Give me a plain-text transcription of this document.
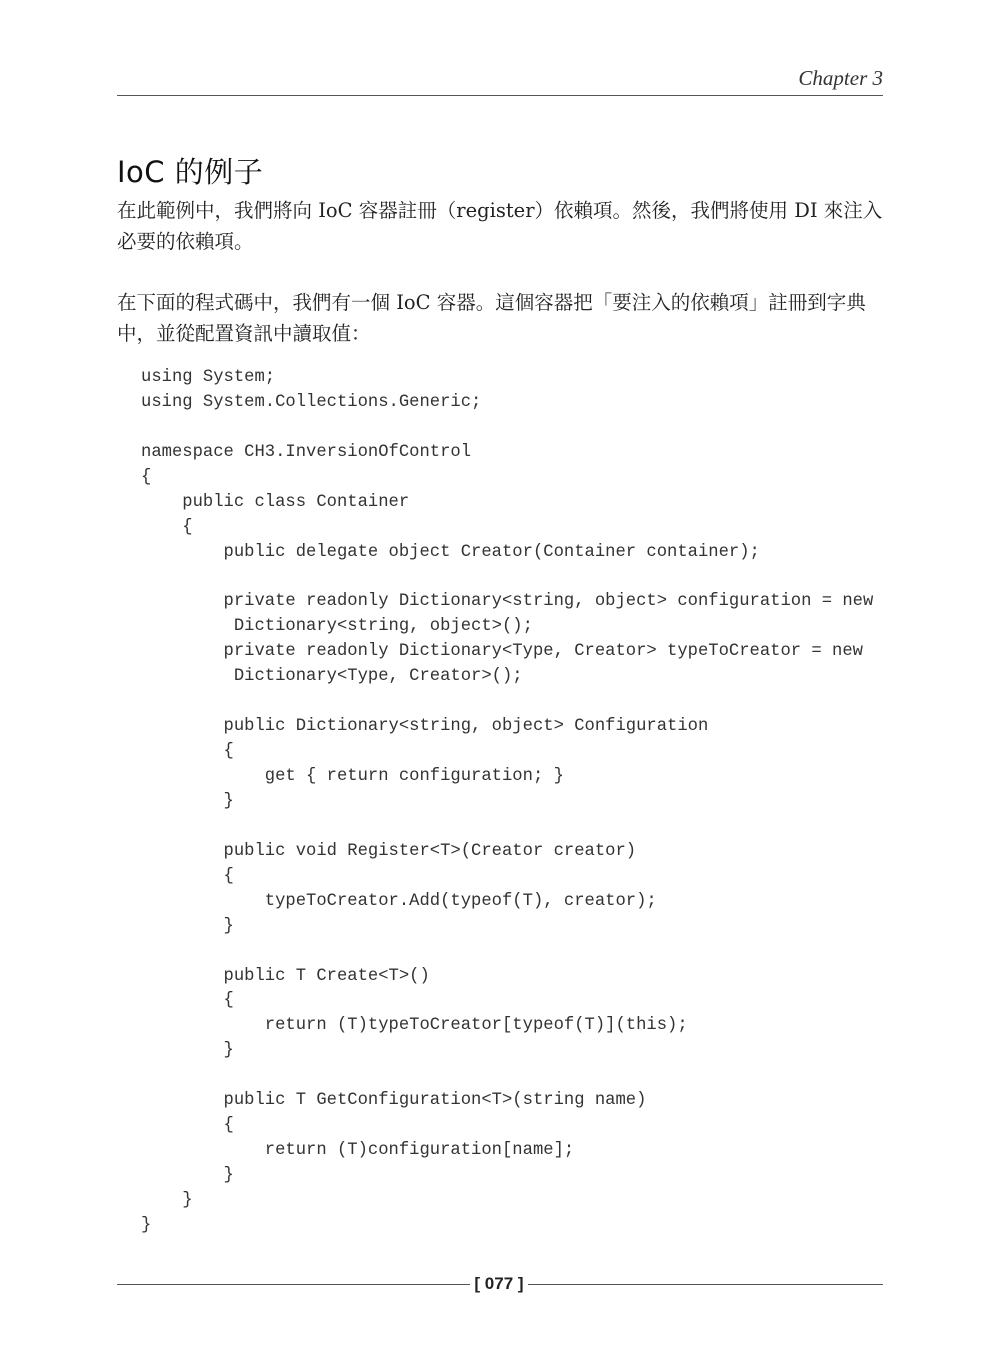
Chapter 3
IoC 的例子

在此範例中，我們將向 IoC 容器註冊（register）依賴項。然後，我們將使用 DI 來注入必要的依賴項。

在下面的程式碼中，我們有一個 IoC 容器。這個容器把「要注入的依賴項」註冊到字典中，並從配置資訊中讀取值：

using System;
using System.Collections.Generic;
namespace CH3.InversionOfControl
{
public class Container
{
public delegate object Creator(Container container);
private readonly Dictionary<string, object> configuration = new
Dictionary<string, object>();
private readonly Dictionary<Type, Creator> typeToCreator = new
Dictionary<Type, Creator>();
public Dictionary<string, object> Configuration
{
get { return configuration; }
}
public void Register<T>(Creator creator)
{
typeToCreator.Add(typeof(T), creator);
}
public T Create<T>()
{
return (T)typeToCreator[typeof(T)](this);
}
public T GetConfiguration<T>(string name)
{
return (T)configuration[name];
}
}
}
[ 077 ]
